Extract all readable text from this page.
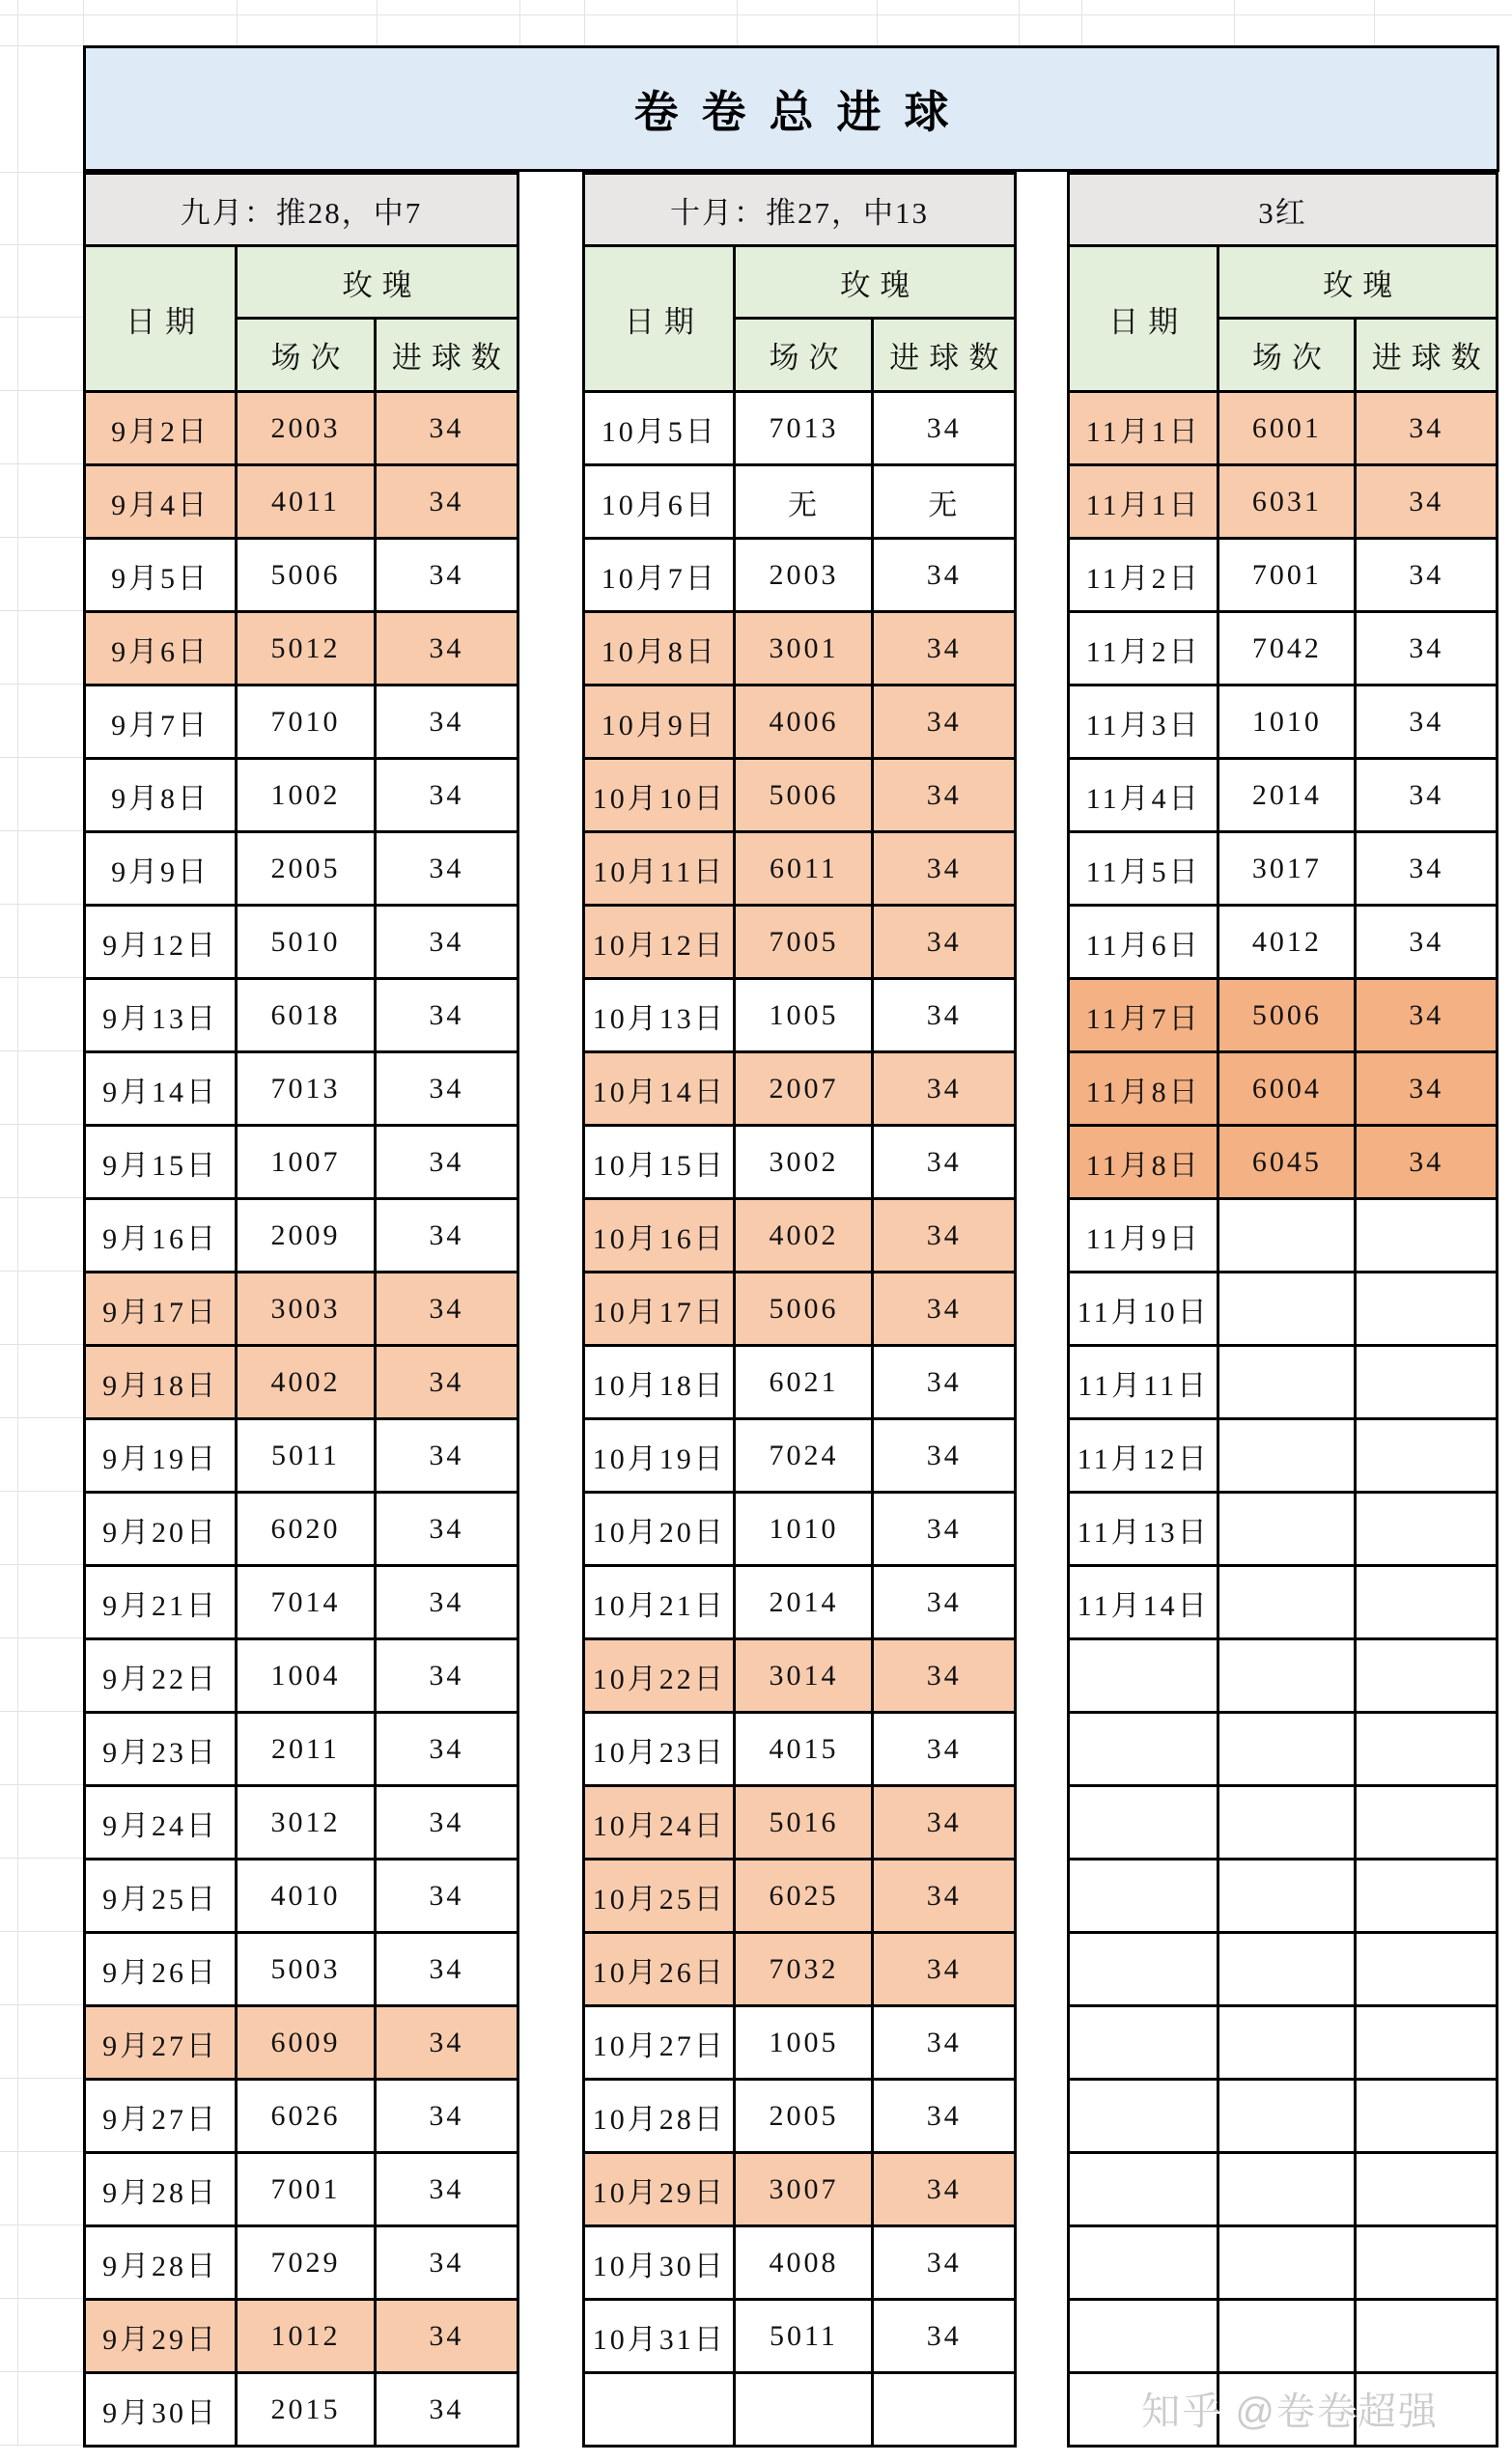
卷卷总进球
九月：推28，中7		
日期	玫瑰	
	场次	进球数
9月2日	2003	34
9月4日	4011	34
9月5日	5006	34
9月6日	5012	34
9月7日	7010	34
9月8日	1002	34
9月9日	2005	34
9月12日	5010	34
9月13日	6018	34
9月14日	7013	34
9月15日	1007	34
9月16日	2009	34
9月17日	3003	34
9月18日	4002	34
9月19日	5011	34
9月20日	6020	34
9月21日	7014	34
9月22日	1004	34
9月23日	2011	34
9月24日	3012	34
9月25日	4010	34
9月26日	5003	34
9月27日	6009	34
9月27日	6026	34
9月28日	7001	34
9月28日	7029	34
9月29日	1012	34
9月30日	2015	34
十月：推27，中13		
日期	玫瑰	
	场次	进球数
10月5日	7013	34
10月6日	无	无
10月7日	2003	34
10月8日	3001	34
10月9日	4006	34
10月10日	5006	34
10月11日	6011	34
10月12日	7005	34
10月13日	1005	34
10月14日	2007	34
10月15日	3002	34
10月16日	4002	34
10月17日	5006	34
10月18日	6021	34
10月19日	7024	34
10月20日	1010	34
10月21日	2014	34
10月22日	3014	34
10月23日	4015	34
10月24日	5016	34
10月25日	6025	34
10月26日	7032	34
10月27日	1005	34
10月28日	2005	34
10月29日	3007	34
10月30日	4008	34
10月31日	5011	34

3红		
日期	玫瑰	
	场次	进球数
11月1日	6001	34
11月1日	6031	34
11月2日	7001	34
11月2日	7042	34
11月3日	1010	34
11月4日	2014	34
11月5日	3017	34
11月6日	4012	34
11月7日	5006	34
11月8日	6004	34
11月8日	6045	34
11月9日		
11月10日		
11月11日		
11月12日		
11月13日		
11月14日		

知乎 @卷卷超强
